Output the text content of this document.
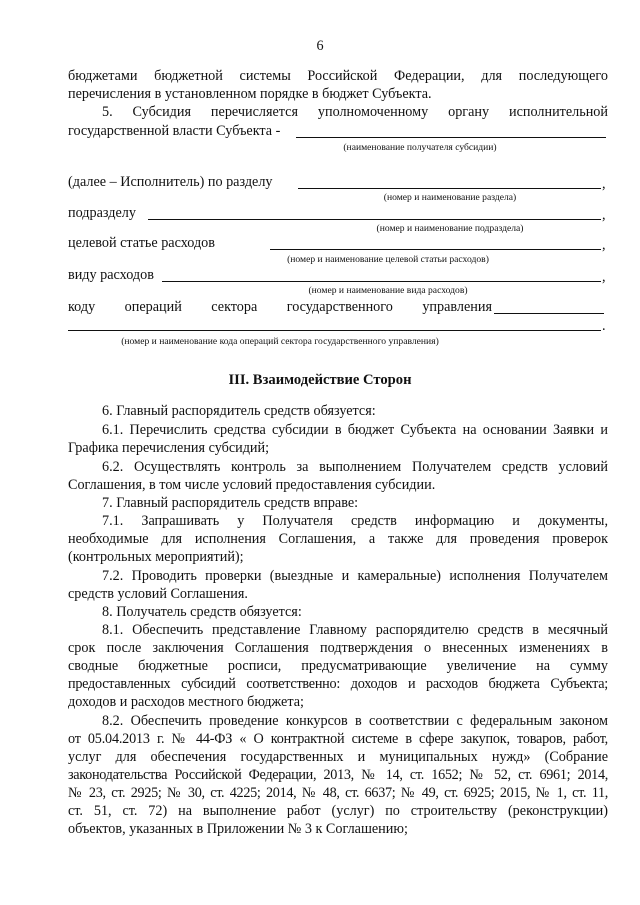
6
бюджетами бюджетной системы Российской Федерации, для последующего
перечисления в установленном порядке в бюджет Субъекта.
5. Субсидия перечисляется уполномоченному органу исполнительной
государственной власти Субъекта -
(наименование получателя субсидии)
(далее – Исполнитель) по разделу	,
(номер и наименование раздела)
подразделу	,
(номер и наименование подраздела)
целевой статье расходов	,
(номер и наименование целевой статьи расходов)
виду расходов	,
(номер и наименование вида расходов)
коду операций сектора государственного управления
.
(номер и наименование кода операций сектора государственного управления)
III. Взаимодействие Сторон
6. Главный распорядитель средств обязуется:
6.1. Перечислить средства субсидии в бюджет Субъекта на основании Заявки и
Графика перечисления субсидий;
6.2. Осуществлять контроль за выполнением Получателем средств условий
Соглашения, в том числе условий предоставления субсидии.
7. Главный распорядитель средств вправе:
7.1. Запрашивать у Получателя средств информацию и документы,
необходимые для исполнения Соглашения, а также для проведения проверок
(контрольных мероприятий);
7.2. Проводить проверки (выездные и камеральные) исполнения Получателем
средств условий Соглашения.
8. Получатель средств обязуется:
8.1. Обеспечить представление Главному распорядителю средств в месячный
срок после заключения Соглашения подтверждения о внесенных изменениях в
сводные бюджетные росписи, предусматривающие увеличение на сумму
предоставленных субсидий соответственно: доходов и расходов бюджета Субъекта;
доходов и расходов местного бюджета;
8.2. Обеспечить проведение конкурсов в соответствии с федеральным законом
от 05.04.2013 г. № 44-ФЗ « О контрактной системе в сфере закупок, товаров, работ,
услуг для обеспечения государственных и муниципальных нужд» (Собрание
законодательства Российской Федерации, 2013, № 14, ст. 1652; № 52, ст. 6961; 2014,
№ 23, ст. 2925; № 30, ст. 4225; 2014, № 48, ст. 6637; № 49, ст. 6925; 2015, № 1, ст. 11,
ст. 51, ст. 72) на выполнение работ (услуг) по строительству (реконструкции)
объектов, указанных в Приложении № 3 к Соглашению;
